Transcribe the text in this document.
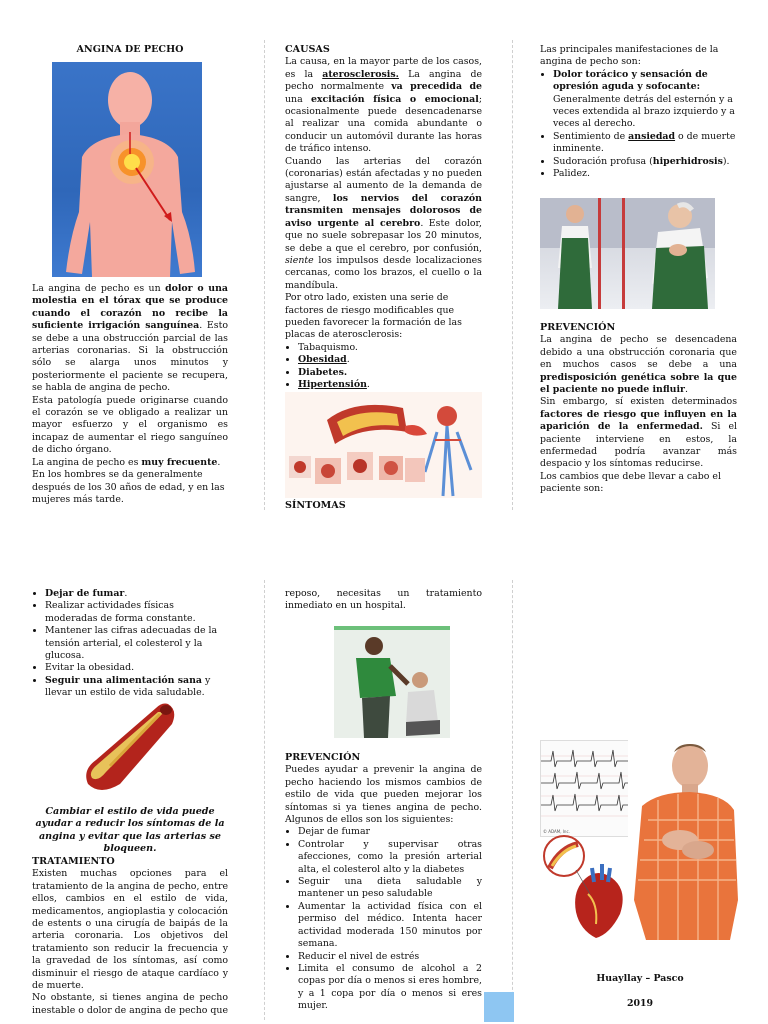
ANGINA DE PECHO

La angina de pecho es un dolor o una molestia en el tórax que se produce cuando el corazón no recibe la suficiente irrigación sanguínea. Esto se debe a una obstrucción parcial de las arterias coronarias. Si la obstrucción sólo se alarga unos minutos y posteriormente el paciente se recupera, se habla de angina de pecho.

Esta patología puede originarse cuando el corazón se ve obligado a realizar un mayor esfuerzo y el organismo es incapaz de aumentar el riego sanguíneo de dicho órgano.

La angina de pecho es muy frecuente. En los hombres se da generalmente después de los 30 años de edad, y en las mujeres más tarde.

CAUSAS

La causa, en la mayor parte de los casos, es la aterosclerosis. La angina de pecho normalmente va precedida de una excitación física o emocional; ocasionalmente puede desencadenarse al realizar una comida abundante o conducir un automóvil durante las horas de tráfico intenso.

Cuando las arterias del corazón (coronarias) están afectadas y no pueden ajustarse al aumento de la demanda de sangre, los nervios del corazón transmiten mensajes dolorosos de aviso urgente al cerebro. Este dolor, que no suele sobrepasar los 20 minutos, se debe a que el cerebro, por confusión, siente los impulsos desde localizaciones cercanas, como los brazos, el cuello o la mandíbula.

Por otro lado, existen una serie de factores de riesgo modificables que pueden favorecer la formación de las placas de aterosclerosis:

• Tabaquismo.
• Obesidad.
• Diabetes.
• Hipertensión.
•

SÍNTOMAS

Las principales manifestaciones de la angina de pecho son:

• Dolor torácico y sensación de opresión aguda y sofocante:
Generalmente detrás del esternón y a veces extendida al brazo izquierdo y a veces al derecho.
• Sentimiento de ansiedad o de muerte inminente.
• Sudoración profusa (hiperhidrosis).
• Palidez.

PREVENCIÓN

La angina de pecho se desencadena debido a una obstrucción coronaria que en muchos casos se debe a una predisposición genética sobre la que el paciente no puede influir.

Sin embargo, sí existen determinados factores de riesgo que influyen en la aparición de la enfermedad. Si el paciente interviene en estos, la enfermedad podría avanzar más despacio y los síntomas reducirse.

Los cambios que debe llevar a cabo el paciente son:

• Dejar de fumar.
• Realizar actividades físicas moderadas de forma constante.
• Mantener las cifras adecuadas de la tensión arterial, el colesterol y la glucosa.
• Evitar la obesidad.
• Seguir una alimentación sana y llevar un estilo de vida saludable.

Cambiar el estilo de vida puede ayudar a reducir los síntomas de la angina y evitar que las arterias se bloqueen.

TRATAMIENTO

Existen muchas opciones para el tratamiento de la angina de pecho, entre ellos, cambios en el estilo de vida, medicamentos, angioplastia y colocación de estents o una cirugía de baipás de la arteria coronaria. Los objetivos del tratamiento son reducir la frecuencia y la gravedad de los síntomas, así como disminuir el riesgo de ataque cardíaco y de muerte.

No obstante, si tienes angina de pecho inestable o dolor de angina de pecho que

reposo, necesitas un tratamiento inmediato en un hospital.

PREVENCIÓN

Puedes ayudar a prevenir la angina de pecho haciendo los mismos cambios de estilo de vida que pueden mejorar los síntomas si ya tienes angina de pecho. Algunos de ellos son los siguientes:

• Dejar de fumar
• Controlar y supervisar otras afecciones, como la presión arterial alta, el colesterol alto y la diabetes
• Seguir una dieta saludable y mantener un peso saludable
• Aumentar la actividad física con el permiso del médico. Intenta hacer actividad moderada 150 minutos por semana.
• Reducir el nivel de estrés
• Limita el consumo de alcohol a 2 copas por día o menos si eres hombre, y a 1 copa por día o menos si eres mujer.
© ADAM, Inc.

Huayllay – Pasco

2019
